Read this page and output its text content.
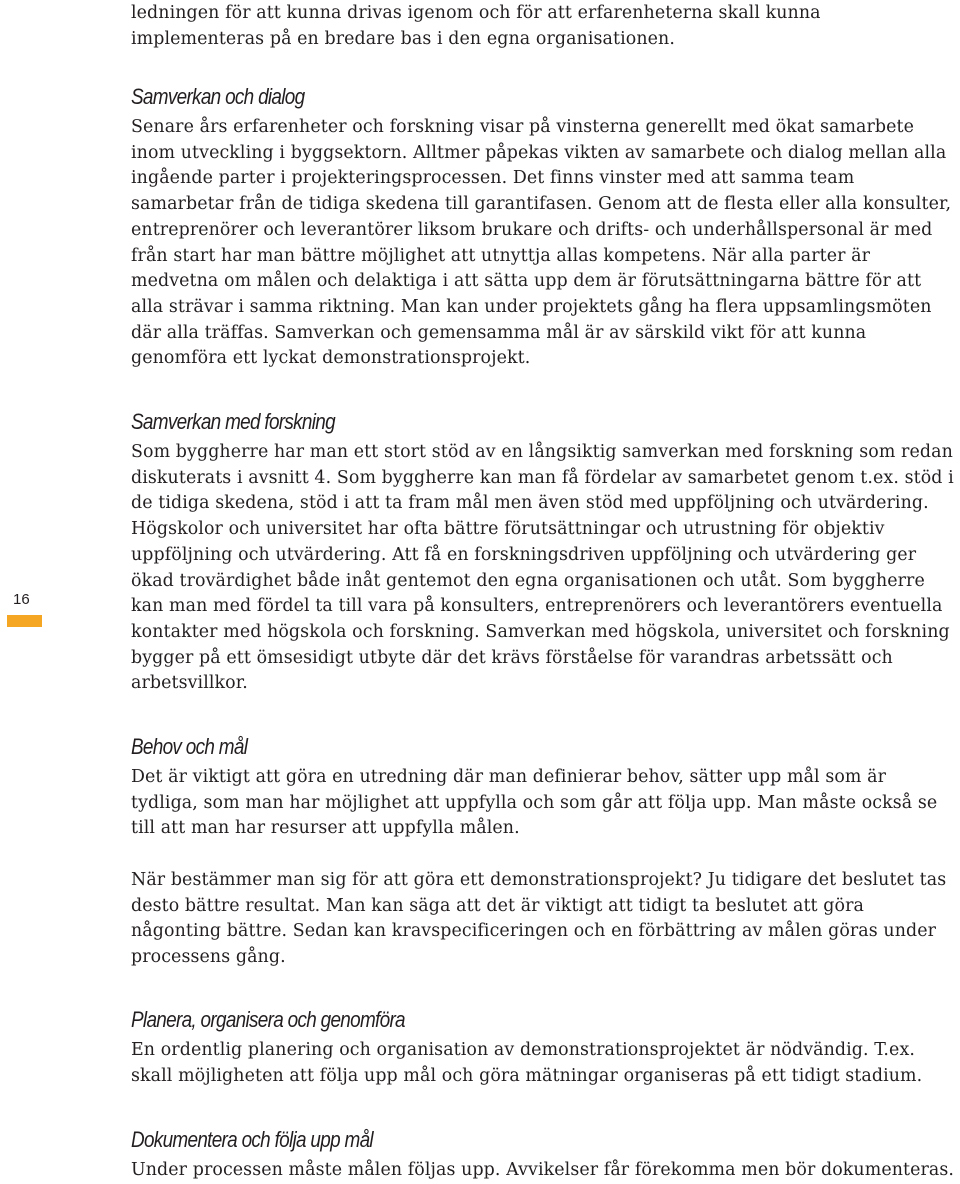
ledningen för att kunna drivas igenom och för att erfarenheterna skall kunna implementeras på en bredare bas i den egna organisationen.

Samverkan och dialog

Senare års erfarenheter och forskning visar på vinsterna generellt med ökat samarbete inom utveckling i byggsektorn. Alltmer påpekas vikten av samarbete och dialog mellan alla ingående parter i projekteringsprocessen. Det finns vinster med att samma team samarbetar från de tidiga skedena till garantifasen. Genom att de flesta eller alla konsulter, entreprenörer och leverantörer liksom brukare och drifts- och underhållspersonal är med från start har man bättre möjlighet att utnyttja allas kompetens. När alla parter är medvetna om målen och delaktiga i att sätta upp dem är förutsättningarna bättre för att alla strävar i samma riktning. Man kan under projektets gång ha flera uppsamlingsmöten där alla träffas. Samverkan och gemensamma mål är av särskild vikt för att kunna genomföra ett lyckat demonstrationsprojekt.

Samverkan med forskning

Som byggherre har man ett stort stöd av en långsiktig samverkan med forskning som redan diskuterats i avsnitt 4. Som byggherre kan man få fördelar av samarbetet genom t.ex. stöd i de tidiga skedena, stöd i att ta fram mål men även stöd med uppföljning och utvärdering. Högskolor och universitet har ofta bättre förutsättningar och utrustning för objektiv uppföljning och utvärdering. Att få en forskningsdriven uppföljning och utvärdering ger ökad trovärdighet både inåt gentemot den egna organisationen och utåt. Som byggherre kan man med fördel ta till vara på konsulters, entreprenörers och leverantörers eventuella kontakter med högskola och forskning. Samverkan med högskola, universitet och forskning bygger på ett ömsesidigt utbyte där det krävs förståelse för varandras arbetssätt och arbetsvillkor.

Behov och mål

Det är viktigt att göra en utredning där man definierar behov, sätter upp mål som är tydliga, som man har möjlighet att uppfylla och som går att följa upp. Man måste också se till att man har resurser att uppfylla målen.

När bestämmer man sig för att göra ett demonstrationsprojekt? Ju tidigare det beslutet tas desto bättre resultat. Man kan säga att det är viktigt att tidigt ta beslutet att göra någonting bättre. Sedan kan kravspecificeringen och en förbättring av målen göras under processens gång.

Planera, organisera och genomföra

En ordentlig planering och organisation av demonstrationsprojektet är nödvändig. T.ex. skall möjligheten att följa upp mål och göra mätningar organiseras på ett tidigt stadium.

Dokumentera och följa upp mål

Under processen måste målen följas upp. Avvikelser får förekomma men bör dokumenteras.

16
